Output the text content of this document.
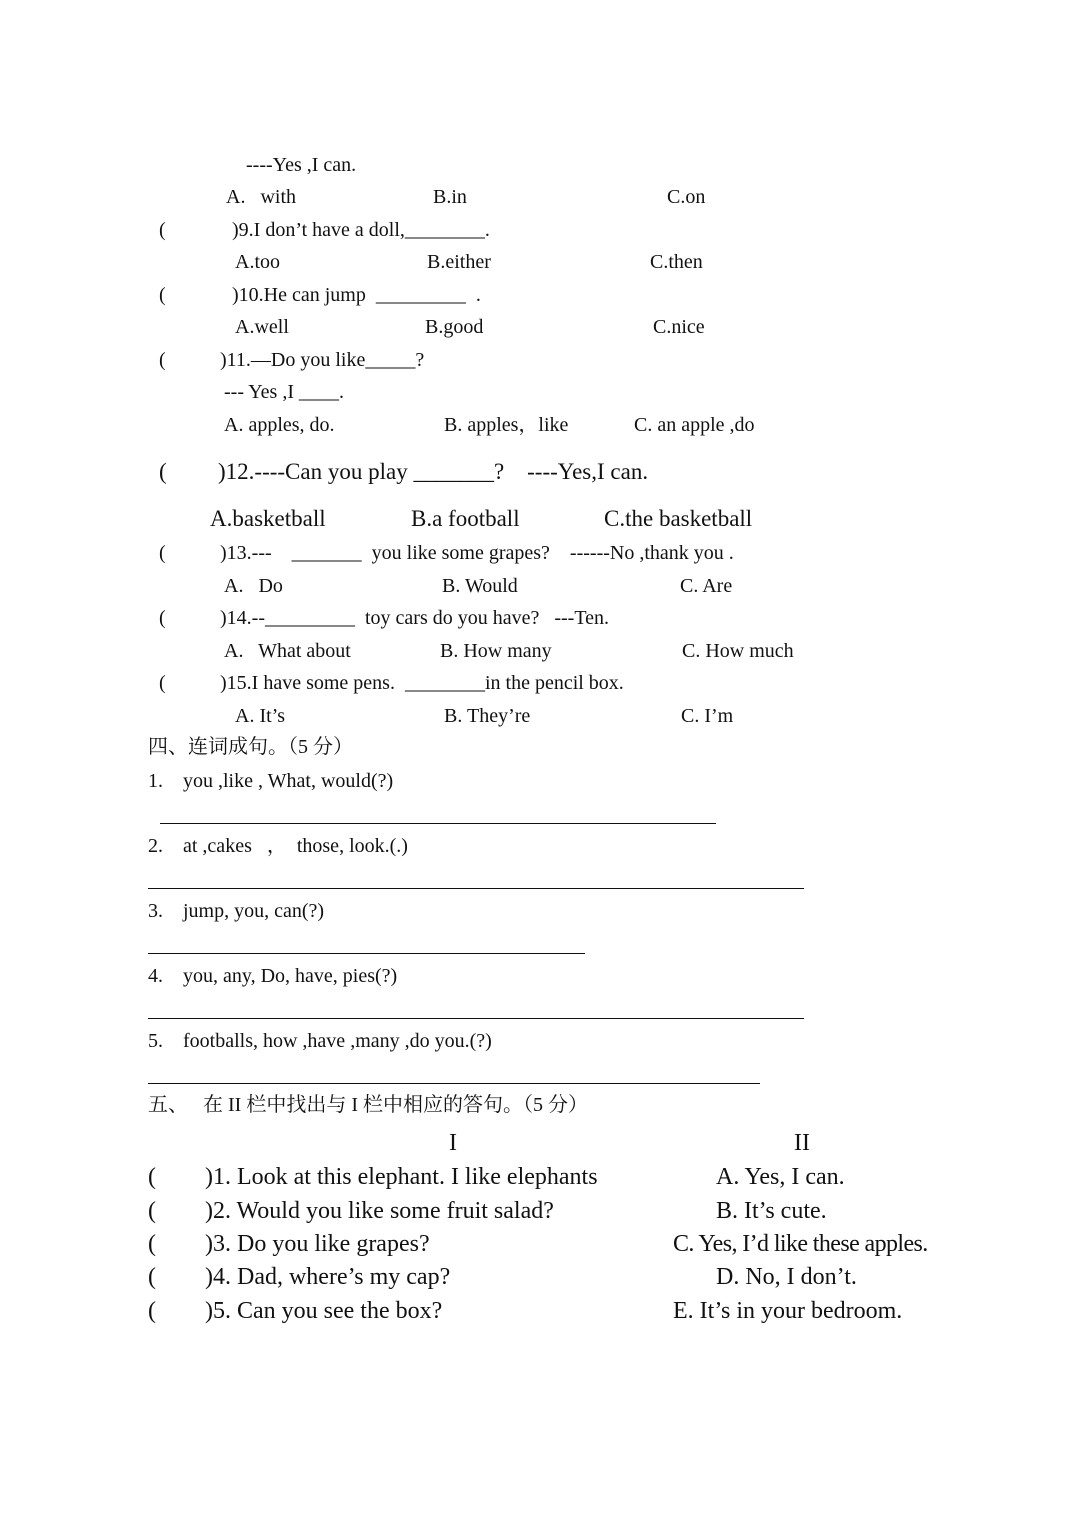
----Yes ,I can.
A.   with	B.in	C.on
(	)9.I don’t have a doll,________.
A.too	B.either	C.then
(	)10.He can jump  _________  .
A.well	B.good	C.nice
(	)11.—Do you like_____?
--- Yes ,I ____.
A. apples, do.	B. apples，like	C. an apple ,do
( )12.----Can you play _______?    ----Yes,I can.
A.basketball	B.a football	C.the basketball
(	)13.---    _______  you like some grapes?    ------No ,thank you .
A.   Do	B. Would	C. Are
(	)14.--_________  toy cars do you have?   ---Ten.
A.   What about	B. How many	C. How much
(	)15.I have some pens.  ________in the pencil box.
A. It’s	B. They’re	C. I’m
四、连词成句。（5 分）
1.    you ,like , What, would(?)
2.    at ,cakes   ，  those, look.(.)
3.    jump, you, can(?)
4.    you, any, Do, have, pies(?)
5.    footballs, how ,have ,many ,do you.(?)
五、   在 II 栏中找出与 I 栏中相应的答句。（5 分）
I	II
( )1. Look at this elephant. I like elephants	A. Yes, I can.
( )2. Would you like some fruit salad?	B. It’s cute.
( )3. Do you like grapes?	C. Yes, I’d like these apples.
( )4. Dad, where’s my cap?	D. No, I don’t.
( )5. Can you see the box?	E. It’s in your bedroom.
